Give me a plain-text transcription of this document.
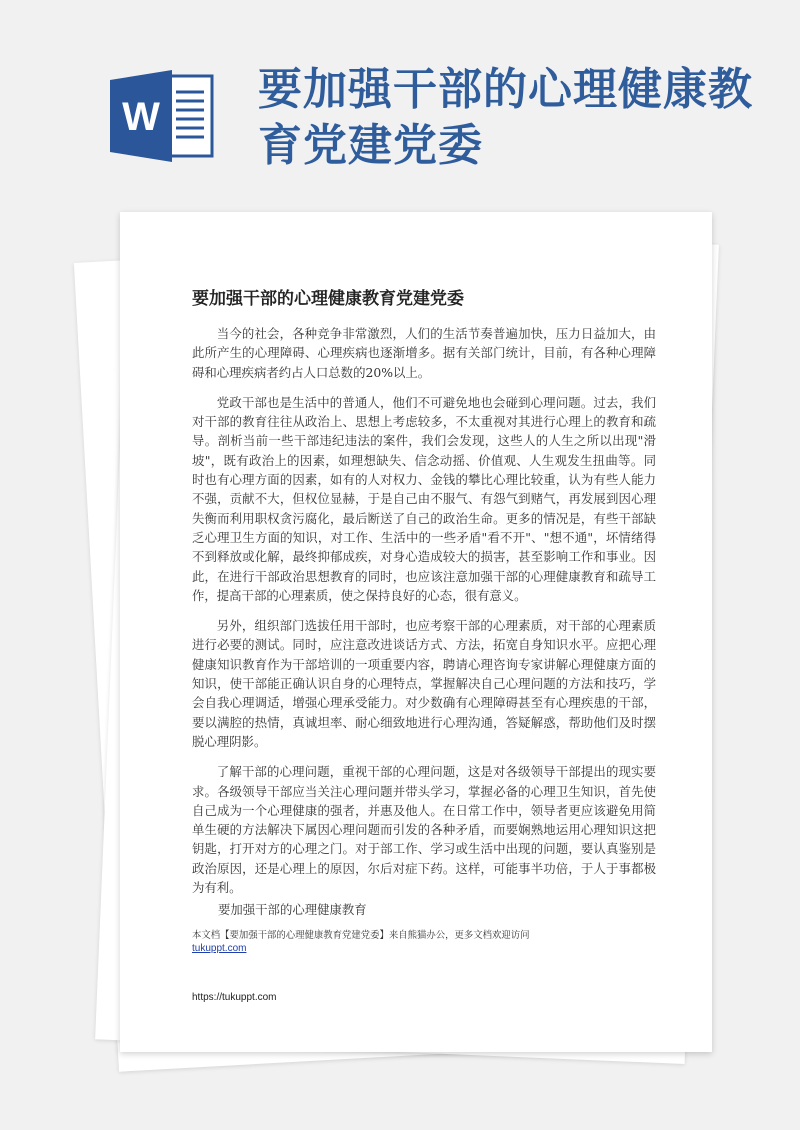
W
要加强干部的心理健康教育党建党委
要加强干部的心理健康教育党建党委

当今的社会，各种竞争非常激烈，人们的生活节奏普遍加快，压力日益加大，由此所产生的心理障碍、心理疾病也逐渐增多。据有关部门统计，目前，有各种心理障碍和心理疾病者约占人口总数的20%以上。

党政干部也是生活中的普通人，他们不可避免地也会碰到心理问题。过去，我们对干部的教育往往从政治上、思想上考虑较多，不太重视对其进行心理上的教育和疏导。剖析当前一些干部违纪违法的案件，我们会发现，这些人的人生之所以出现"滑坡"，既有政治上的因素，如理想缺失、信念动摇、价值观、人生观发生扭曲等。同时也有心理方面的因素，如有的人对权力、金钱的攀比心理比较重，认为有些人能力不强，贡献不大，但权位显赫，于是自己由不服气、有怨气到赌气，再发展到因心理失衡而利用职权贪污腐化，最后断送了自己的政治生命。更多的情况是，有些干部缺乏心理卫生方面的知识，对工作、生活中的一些矛盾"看不开"、"想不通"，坏情绪得不到释放或化解，最终抑郁成疾，对身心造成较大的损害，甚至影响工作和事业。因此，在进行干部政治思想教育的同时，也应该注意加强干部的心理健康教育和疏导工作，提高干部的心理素质，使之保持良好的心态，很有意义。

另外，组织部门选拔任用干部时，也应考察干部的心理素质，对干部的心理素质进行必要的测试。同时，应注意改进谈话方式、方法，拓宽自身知识水平。应把心理健康知识教育作为干部培训的一项重要内容，聘请心理咨询专家讲解心理健康方面的知识，使干部能正确认识自身的心理特点，掌握解决自己心理问题的方法和技巧，学会自我心理调适，增强心理承受能力。对少数确有心理障碍甚至有心理疾患的干部，要以满腔的热情，真诚坦率、耐心细致地进行心理沟通，答疑解惑，帮助他们及时摆脱心理阴影。

了解干部的心理问题，重视干部的心理问题，这是对各级领导干部提出的现实要求。各级领导干部应当关注心理问题并带头学习，掌握必备的心理卫生知识，首先使自己成为一个心理健康的强者，并惠及他人。在日常工作中，领导者更应该避免用简单生硬的方法解决下属因心理问题而引发的各种矛盾，而要娴熟地运用心理知识这把钥匙，打开对方的心理之门。对于部工作、学习或生活中出现的问题，要认真鉴别是政治原因，还是心理上的原因，尔后对症下药。这样，可能事半功倍，于人于事都极为有利。

要加强干部的心理健康教育
本文档【要加强干部的心理健康教育党建党委】来自熊猫办公，更多文档欢迎访问
tukuppt.com
https://tukuppt.com
